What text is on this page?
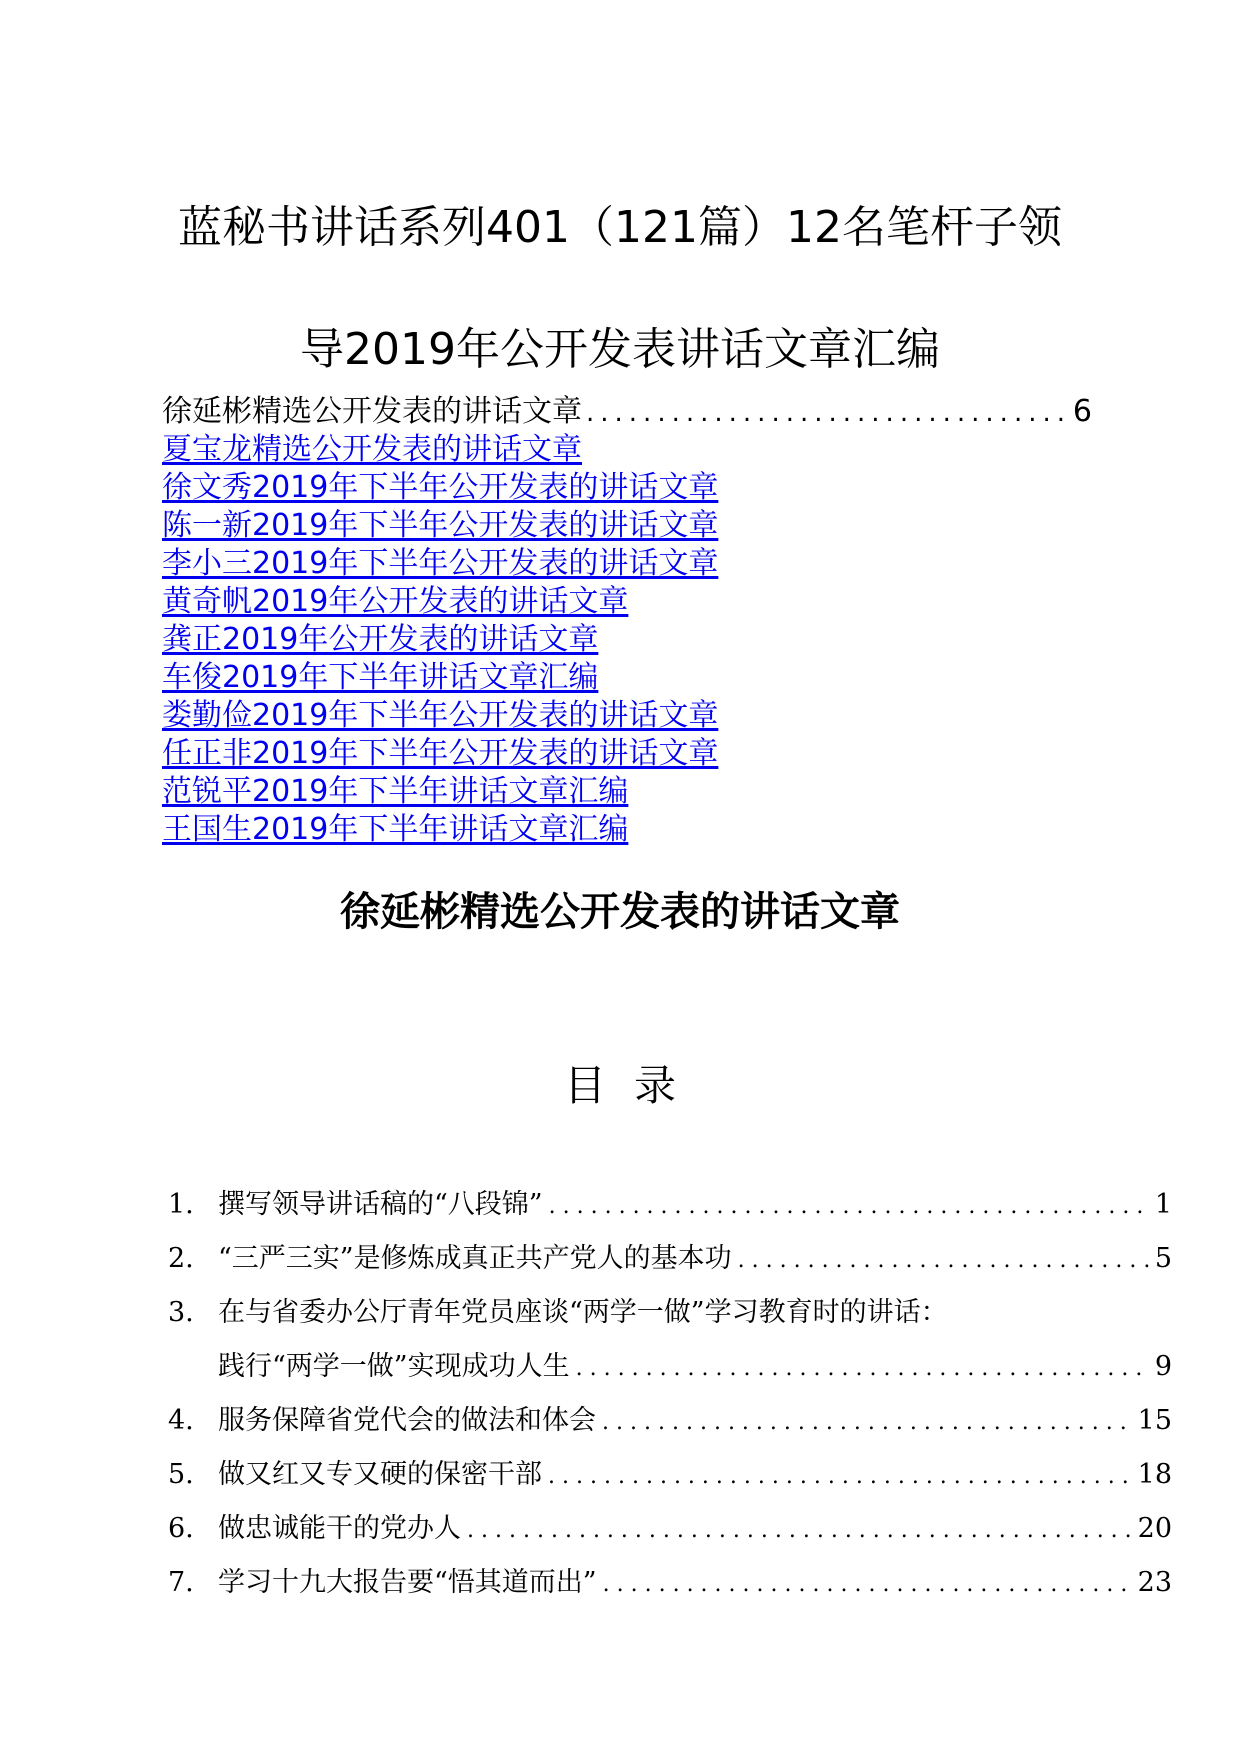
蓝秘书讲话系列401（121篇）12名笔杆子领
导2019年公开发表讲话文章汇编
徐延彬精选公开发表的讲话文章 .....	6
夏宝龙精选公开发表的讲话文章
徐文秀2019年下半年公开发表的讲话文章
陈一新2019年下半年公开发表的讲话文章
李小三2019年下半年公开发表的讲话文章
黄奇帆2019年公开发表的讲话文章
龚正2019年公开发表的讲话文章
车俊2019年下半年讲话文章汇编
娄勤俭2019年下半年公开发表的讲话文章
任正非2019年下半年公开发表的讲话文章
范锐平2019年下半年讲话文章汇编
王国生2019年下半年讲话文章汇编
徐延彬精选公开发表的讲话文章
目录
1. 撰写领导讲话稿的“八段锦” .....	1
2. “三严三实”是修炼成真正共产党人的基本功 .....	5
3. 在与省委办公厅青年党员座谈“两学一做”学习教育时的讲话：
践行“两学一做”实现成功人生 .....	9
4. 服务保障省党代会的做法和体会 .....	15
5. 做又红又专又硬的保密干部 .....	18
6. 做忠诚能干的党办人 .....	20
7. 学习十九大报告要“悟其道而出” .....	23
